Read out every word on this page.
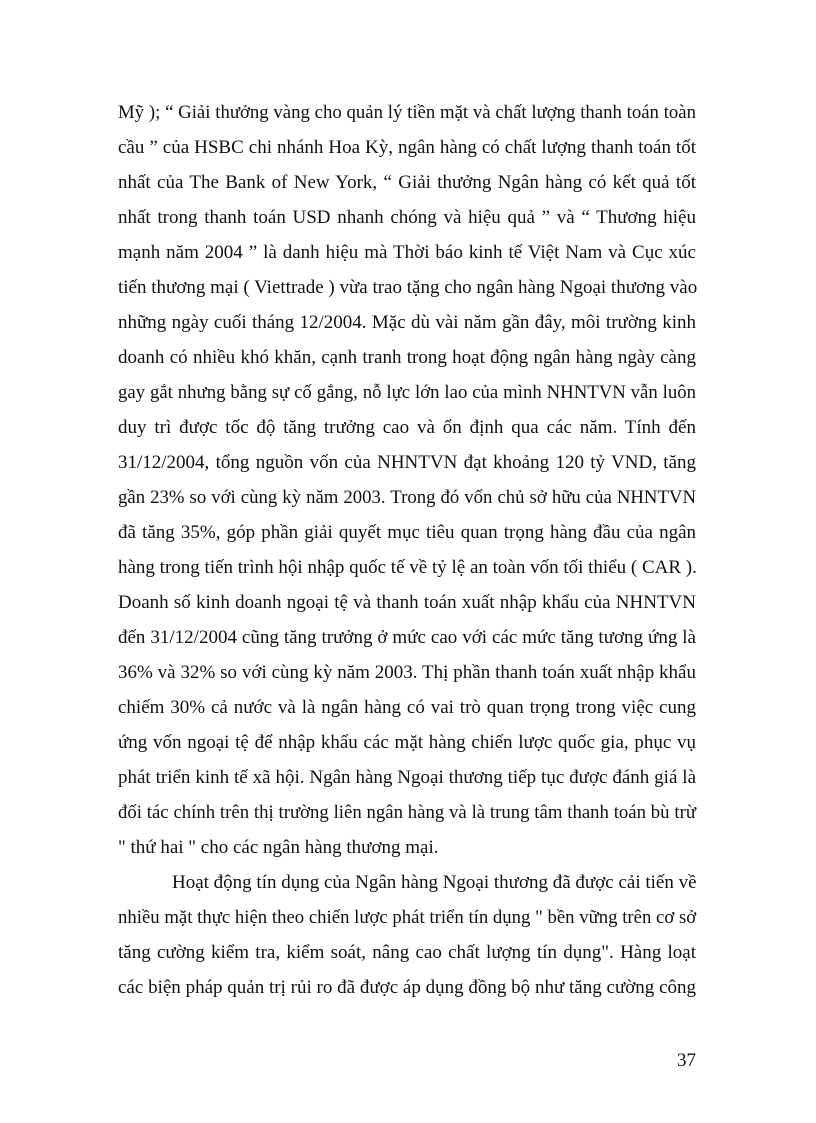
Mỹ ); “ Giải thưởng vàng cho quản lý tiền mặt và chất lượng thanh toán toàn
cầu ” của HSBC chi nhánh Hoa Kỳ, ngân hàng có chất lượng thanh toán tốt
nhất của The Bank of New York, “ Giải thưởng Ngân hàng có kết quả tốt
nhất trong thanh toán USD nhanh chóng và hiệu quả ” và “ Thương hiệu
mạnh năm 2004 ” là danh hiệu mà Thời báo kinh tế Việt Nam và Cục xúc
tiến thương mại ( Viettrade ) vừa trao tặng cho ngân hàng Ngoại thương vào
những ngày cuối tháng 12/2004. Mặc dù vài năm gần đây, môi trường kinh
doanh có nhiều khó khăn, cạnh tranh trong hoạt động ngân hàng ngày càng
gay gắt nhưng bằng sự cố gắng, nỗ lực lớn lao của mình NHNTVN vẫn luôn
duy trì được tốc độ tăng trưởng cao và ổn định qua các năm. Tính đến
31/12/2004, tổng nguồn vốn của NHNTVN đạt khoảng 120 tỷ VND, tăng
gần 23% so với cùng kỳ năm 2003. Trong đó vốn chủ sở hữu của NHNTVN
đã tăng 35%, góp phần giải quyết mục tiêu quan trọng hàng đầu của ngân
hàng trong tiến trình hội nhập quốc tế về tỷ lệ an toàn vốn tối thiểu ( CAR ).
Doanh số kinh doanh ngoại tệ và thanh toán xuất nhập khẩu của NHNTVN
đến 31/12/2004 cũng tăng trưởng ở mức cao với các mức tăng tương ứng là
36% và 32% so với cùng kỳ năm 2003. Thị phần thanh toán xuất nhập khẩu
chiếm 30% cả nước và là ngân hàng có vai trò quan trọng trong việc cung
ứng vốn ngoại tệ để nhập khẩu các mặt hàng chiến lược quốc gia, phục vụ
phát triển kinh tế xã hội. Ngân hàng Ngoại thương tiếp tục được đánh giá là
đối tác chính trên thị trường liên ngân hàng và là trung tâm thanh toán bù trừ
" thứ hai " cho các ngân hàng thương mại.
Hoạt động tín dụng của Ngân hàng Ngoại thương đã được cải tiến về
nhiều mặt thực hiện theo chiến lược phát triển tín dụng " bền vững trên cơ sở
tăng cường kiểm tra, kiểm soát, nâng cao chất lượng tín dụng". Hàng loạt
các biện pháp quản trị rủi ro đã được áp dụng đồng bộ như tăng cường công
37
